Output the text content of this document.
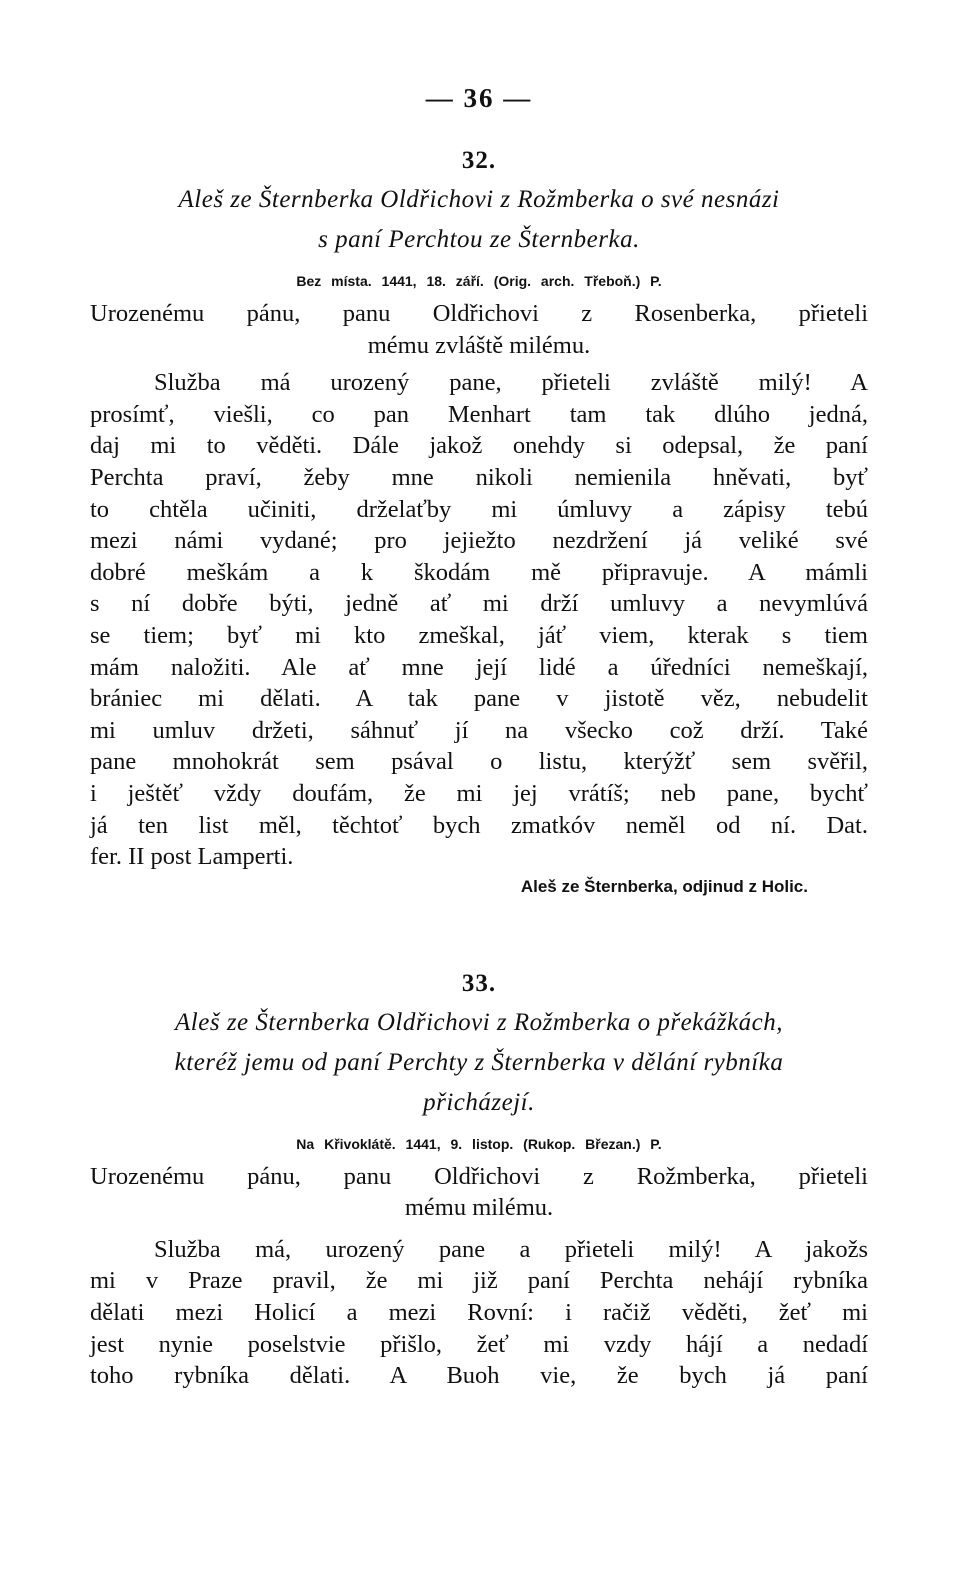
— 36 —
32.
Aleš ze Šternberka Oldřichovi z Rožmberka o své nesnázi
s paní Perchtou ze Šternberka.
Bez místa. 1441, 18. září. (Orig. arch. Třeboň.) P.
Urozenému pánu, panu Oldřichovi z Rosenberka, přieteli
mému zvláště milému.
Služba má urozený pane, přieteli zvláště milý! A
prosímť, viešli, co pan Menhart tam tak dlúho jedná,
daj mi to věděti. Dále jakož onehdy si odepsal, že paní
Perchta praví, žeby mne nikoli nemienila hněvati, byť
to chtěla učiniti, drželaťby mi úmluvy a zápisy tebú
mezi námi vydané; pro jejiežto nezdržení já veliké své
dobré meškám a k škodám mě připravuje. A mámli
s ní dobře býti, jedně ať mi drží umluvy a nevymlúvá
se tiem; byť mi kto zmeškal, jáť viem, kterak s tiem
mám naložiti. Ale ať mne její lidé a úředníci nemeškají,
bránieс mi dělati. A tak pane v jistotě věz, nebudelit
mi umluv držeti, sáhnuť jí na všecko což drží. Také
pane mnohokrát sem psával o listu, kterýžť sem svěřil,
i ještěť vždy doufám, že mi jej vrátíš; neb pane, bychť
já ten list měl, těchtoť bych zmatkóv neměl od ní. Dat.
fer. II post Lamperti.
Aleš ze Šternberka, odjinud z Holic.
33.
Aleš ze Šternberka Oldřichovi z Rožmberka o překážkách,
kteréž jemu od paní Perchty z Šternberka v dělání rybníka
přicházejí.
Na Křivoklátě. 1441, 9. listop. (Rukop. Březan.) P.
Urozenému pánu, panu Oldřichovi z Rožmberka, přieteli
mému milému.
Služba má, urozený pane a přieteli milý! A jakožs
mi v Praze pravil, že mi již paní Perchta nehájí rybníka
dělati mezi Holicí a mezi Rovní: i račiž věděti, žeť mi
jest nynie poselstvie přišlo, žeť mi vzdy hájí a nedadí
toho rybníka dělati. A Buoh vie, že bych já paní
